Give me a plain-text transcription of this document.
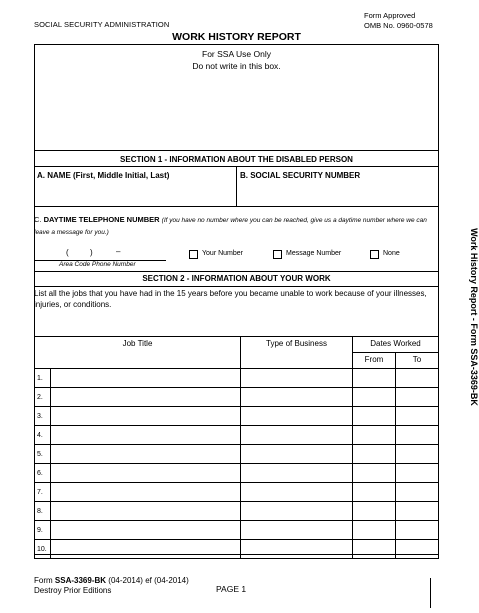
SOCIAL SECURITY ADMINISTRATION
Form Approved
OMB No. 0960-0578
WORK HISTORY REPORT
For SSA Use Only
Do not write in this box.
SECTION 1 - INFORMATION ABOUT THE DISABLED PERSON
A. NAME (First, Middle Initial, Last)	B. SOCIAL SECURITY NUMBER
C. DAYTIME TELEPHONE NUMBER (If you have no number where you can be reached, give us a daytime number where we can leave a message for you.)
(	)	–	Your Number	Message Number	None
Area Code Phone Number
SECTION 2 - INFORMATION ABOUT YOUR WORK
List all the jobs that you have had in the 15 years before you became unable to work because of your illnesses, injuries, or conditions.
Job Title		Type of Business	Dates Worked	
			From	To
1.				
2.				
3.				
4.				
5.				
6.				
7.				
8.				
9.				
10.				
Work History Report - Form SSA-3369-BK
Form SSA-3369-BK (04-2014) ef (04-2014)
Destroy Prior Editions	PAGE 1
